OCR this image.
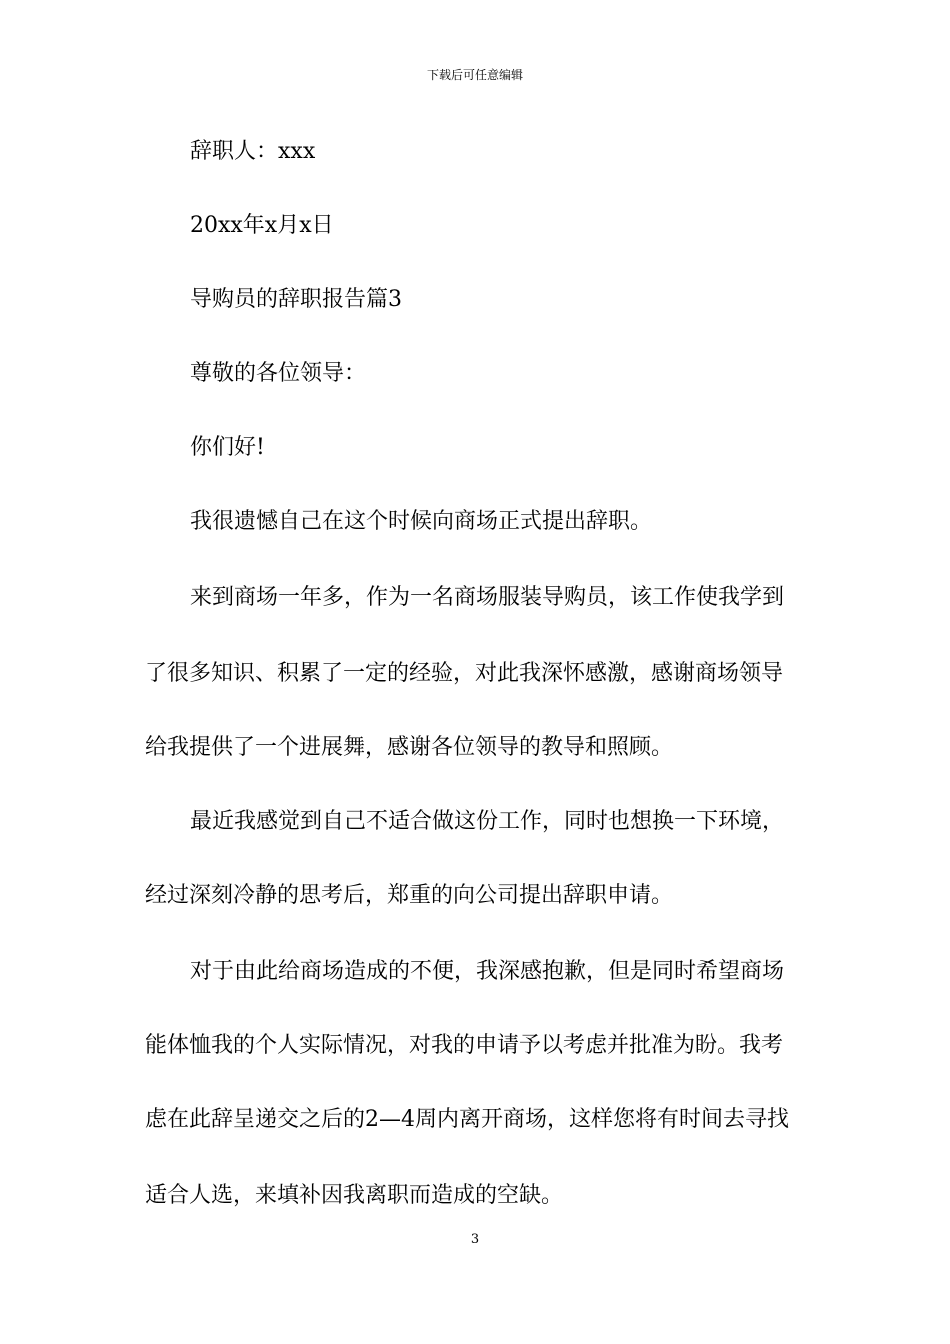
下载后可任意编辑
辞职人：xxx
20xx年x月x日
导购员的辞职报告篇3
尊敬的各位领导：
你们好!
我很遗憾自己在这个时候向商场正式提出辞职。
来到商场一年多，作为一名商场服装导购员，该工作使我学到
了很多知识、积累了一定的经验，对此我深怀感激，感谢商场领导
给我提供了一个进展舞，感谢各位领导的教导和照顾。
最近我感觉到自己不适合做这份工作，同时也想换一下环境，
经过深刻冷静的思考后，郑重的向公司提出辞职申请。
对于由此给商场造成的不便，我深感抱歉，但是同时希望商场
能体恤我的个人实际情况，对我的申请予以考虑并批准为盼。我考
虑在此辞呈递交之后的2—4周内离开商场，这样您将有时间去寻找
适合人选，来填补因我离职而造成的空缺。
3
